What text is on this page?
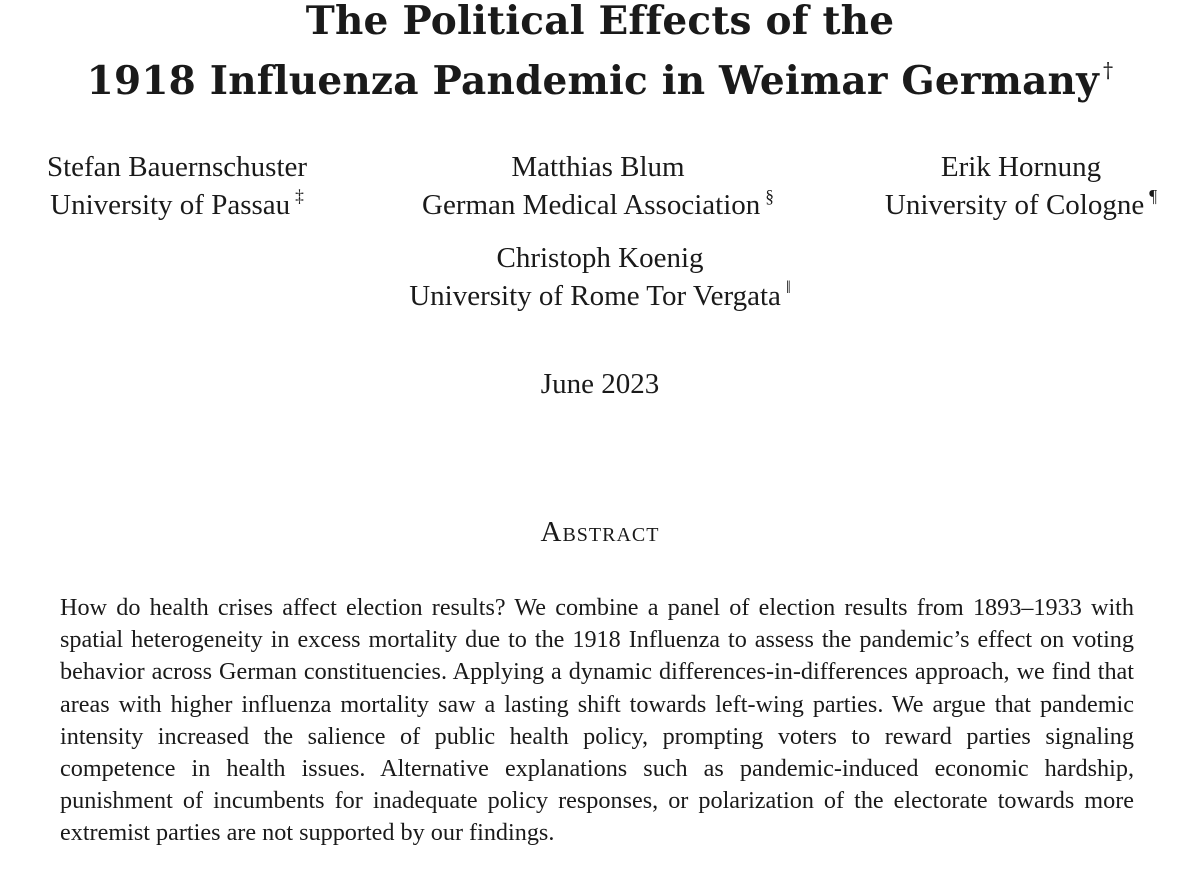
The Political Effects of the
1918 Influenza Pandemic in Weimar Germany †
Stefan Bauernschuster
University of Passau ‡
Matthias Blum
German Medical Association §
Erik Hornung
University of Cologne ¶
Christoph Koenig
University of Rome Tor Vergata ‖
June 2023
Abstract
How do health crises affect election results? We combine a panel of election results from 1893–1933 with spatial heterogeneity in excess mortality due to the 1918 Influenza to assess the pandemic’s effect on voting behavior across German constituencies. Applying a dynamic differences-in-differences approach, we find that areas with higher influenza mortality saw a lasting shift towards left-wing parties. We argue that pandemic intensity increased the salience of public health policy, prompting voters to reward parties signaling competence in health issues. Alternative explanations such as pandemic-induced economic hardship, punishment of incumbents for inadequate policy responses, or polarization of the electorate towards more extremist parties are not supported by our findings.
